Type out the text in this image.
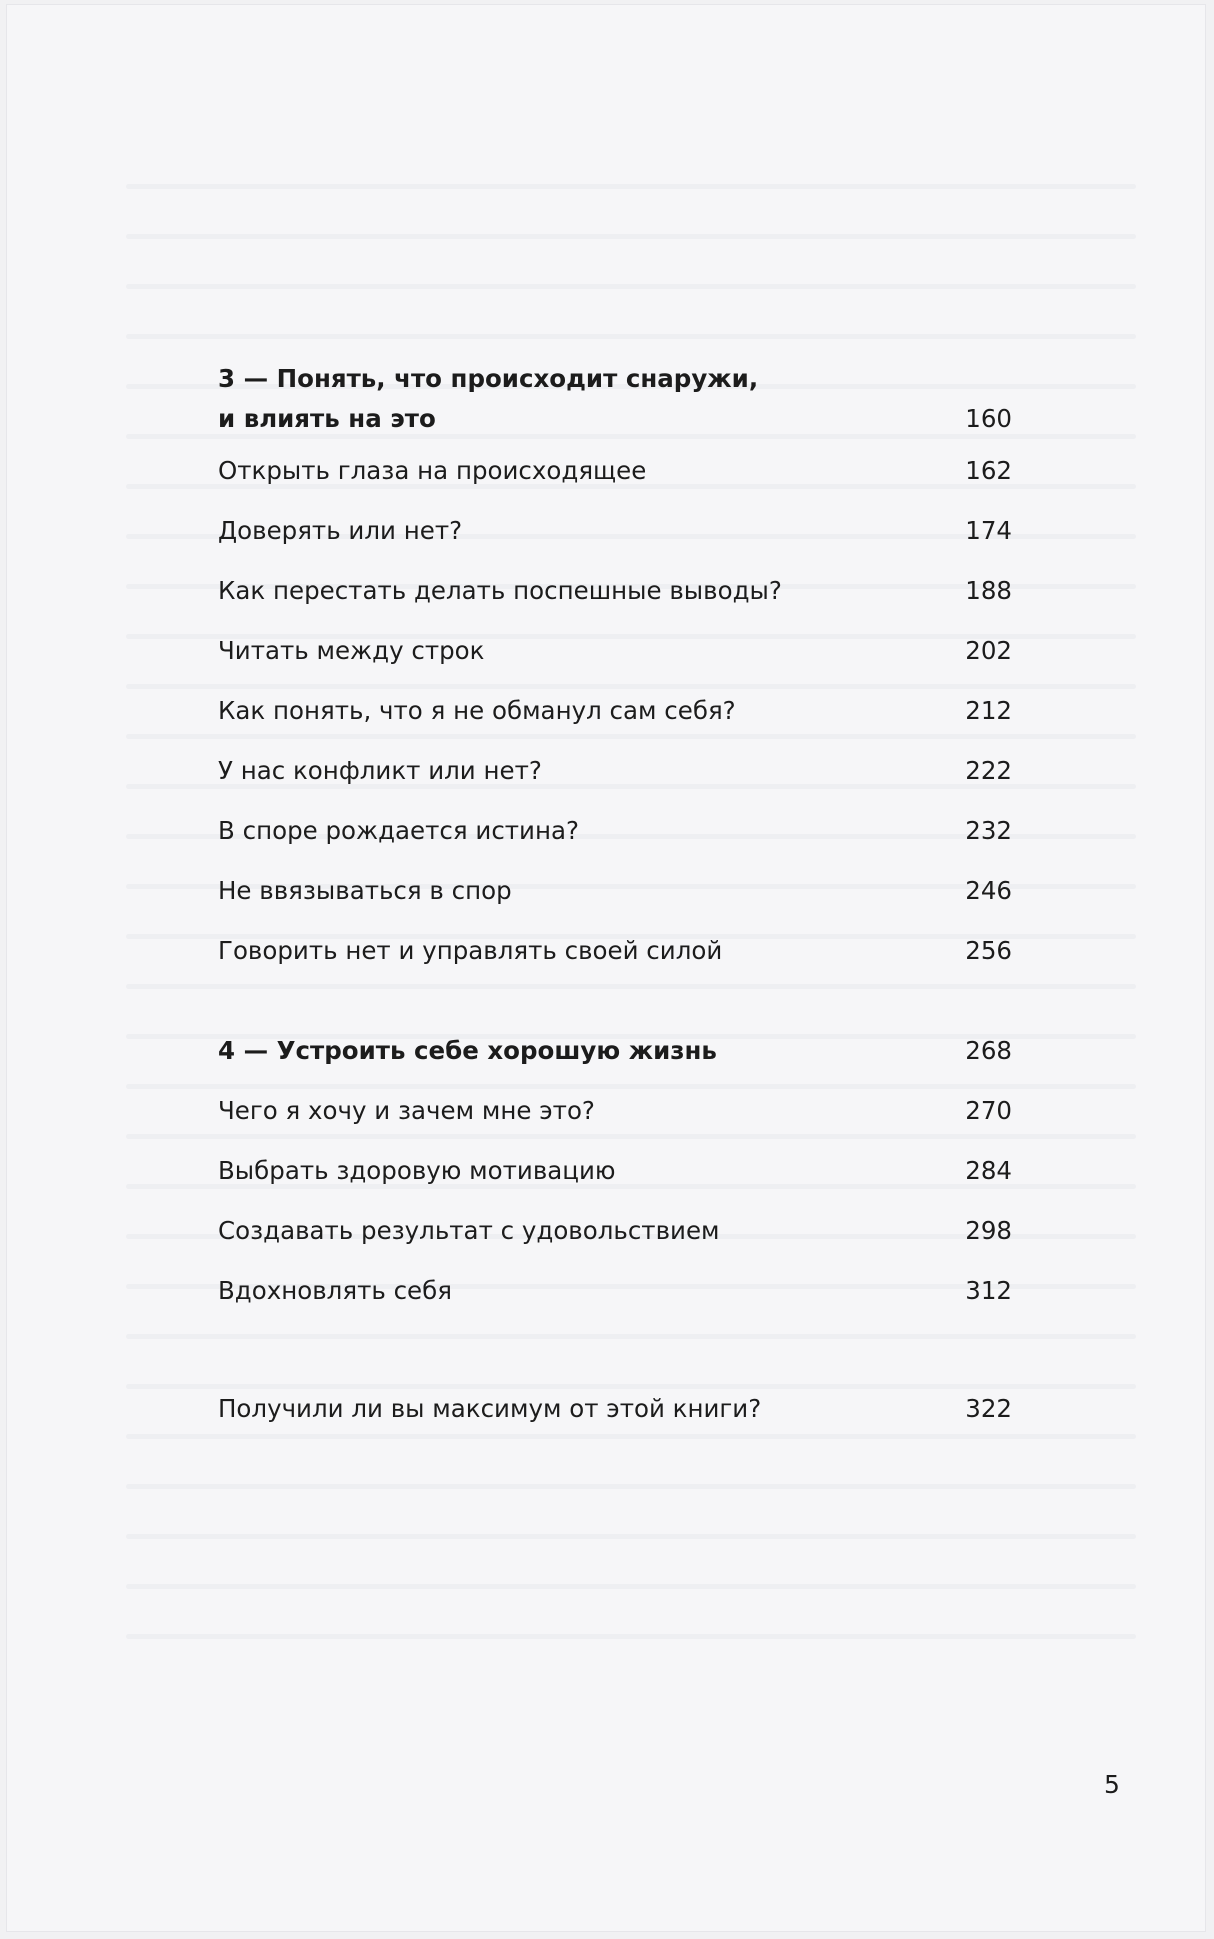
3 — Понять, что происходит снаружи,
и влиять на это	160
Открыть глаза на происходящее	162
Доверять или нет?	174
Как перестать делать поспешные выводы?	188
Читать между строк	202
Как понять, что я не обманул сам себя?	212
У нас конфликт или нет?	222
В споре рождается истина?	232
Не ввязываться в спор	246
Говорить нет и управлять своей силой	256
4 — Устроить себе хорошую жизнь	268
Чего я хочу и зачем мне это?	270
Выбрать здоровую мотивацию	284
Создавать результат с удовольствием	298
Вдохновлять себя	312
Получили ли вы максимум от этой книги?	322
5
